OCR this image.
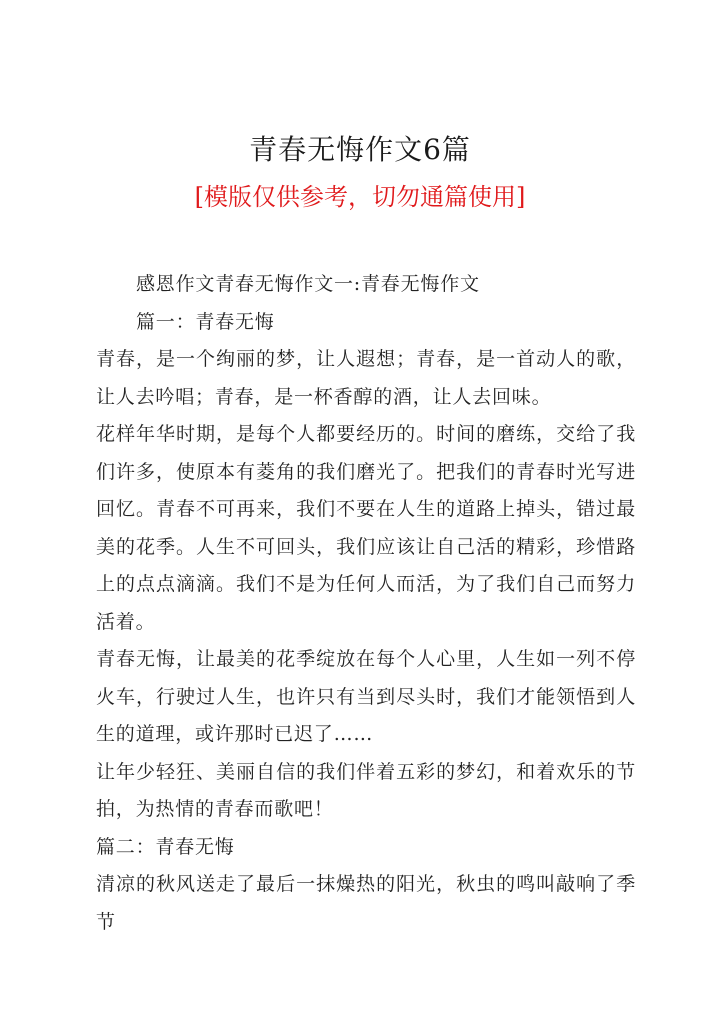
青春无悔作文6篇
[模版仅供参考，切勿通篇使用]

感恩作文青春无悔作文一:青春无悔作文

篇一：青春无悔

青春，是一个绚丽的梦，让人遐想；青春，是一首动人的歌，让人去吟唱；青春，是一杯香醇的酒，让人去回味。

花样年华时期，是每个人都要经历的。时间的磨练，交给了我们许多，使原本有菱角的我们磨光了。把我们的青春时光写进回忆。青春不可再来，我们不要在人生的道路上掉头，错过最美的花季。人生不可回头，我们应该让自己活的精彩，珍惜路上的点点滴滴。我们不是为任何人而活，为了我们自己而努力活着。

青春无悔，让最美的花季绽放在每个人心里，人生如一列不停火车，行驶过人生，也许只有当到尽头时，我们才能领悟到人生的道理，或许那时已迟了……

让年少轻狂、美丽自信的我们伴着五彩的梦幻，和着欢乐的节拍，为热情的青春而歌吧！

篇二：青春无悔

清凉的秋风送走了最后一抹燥热的阳光，秋虫的鸣叫敲响了季节
